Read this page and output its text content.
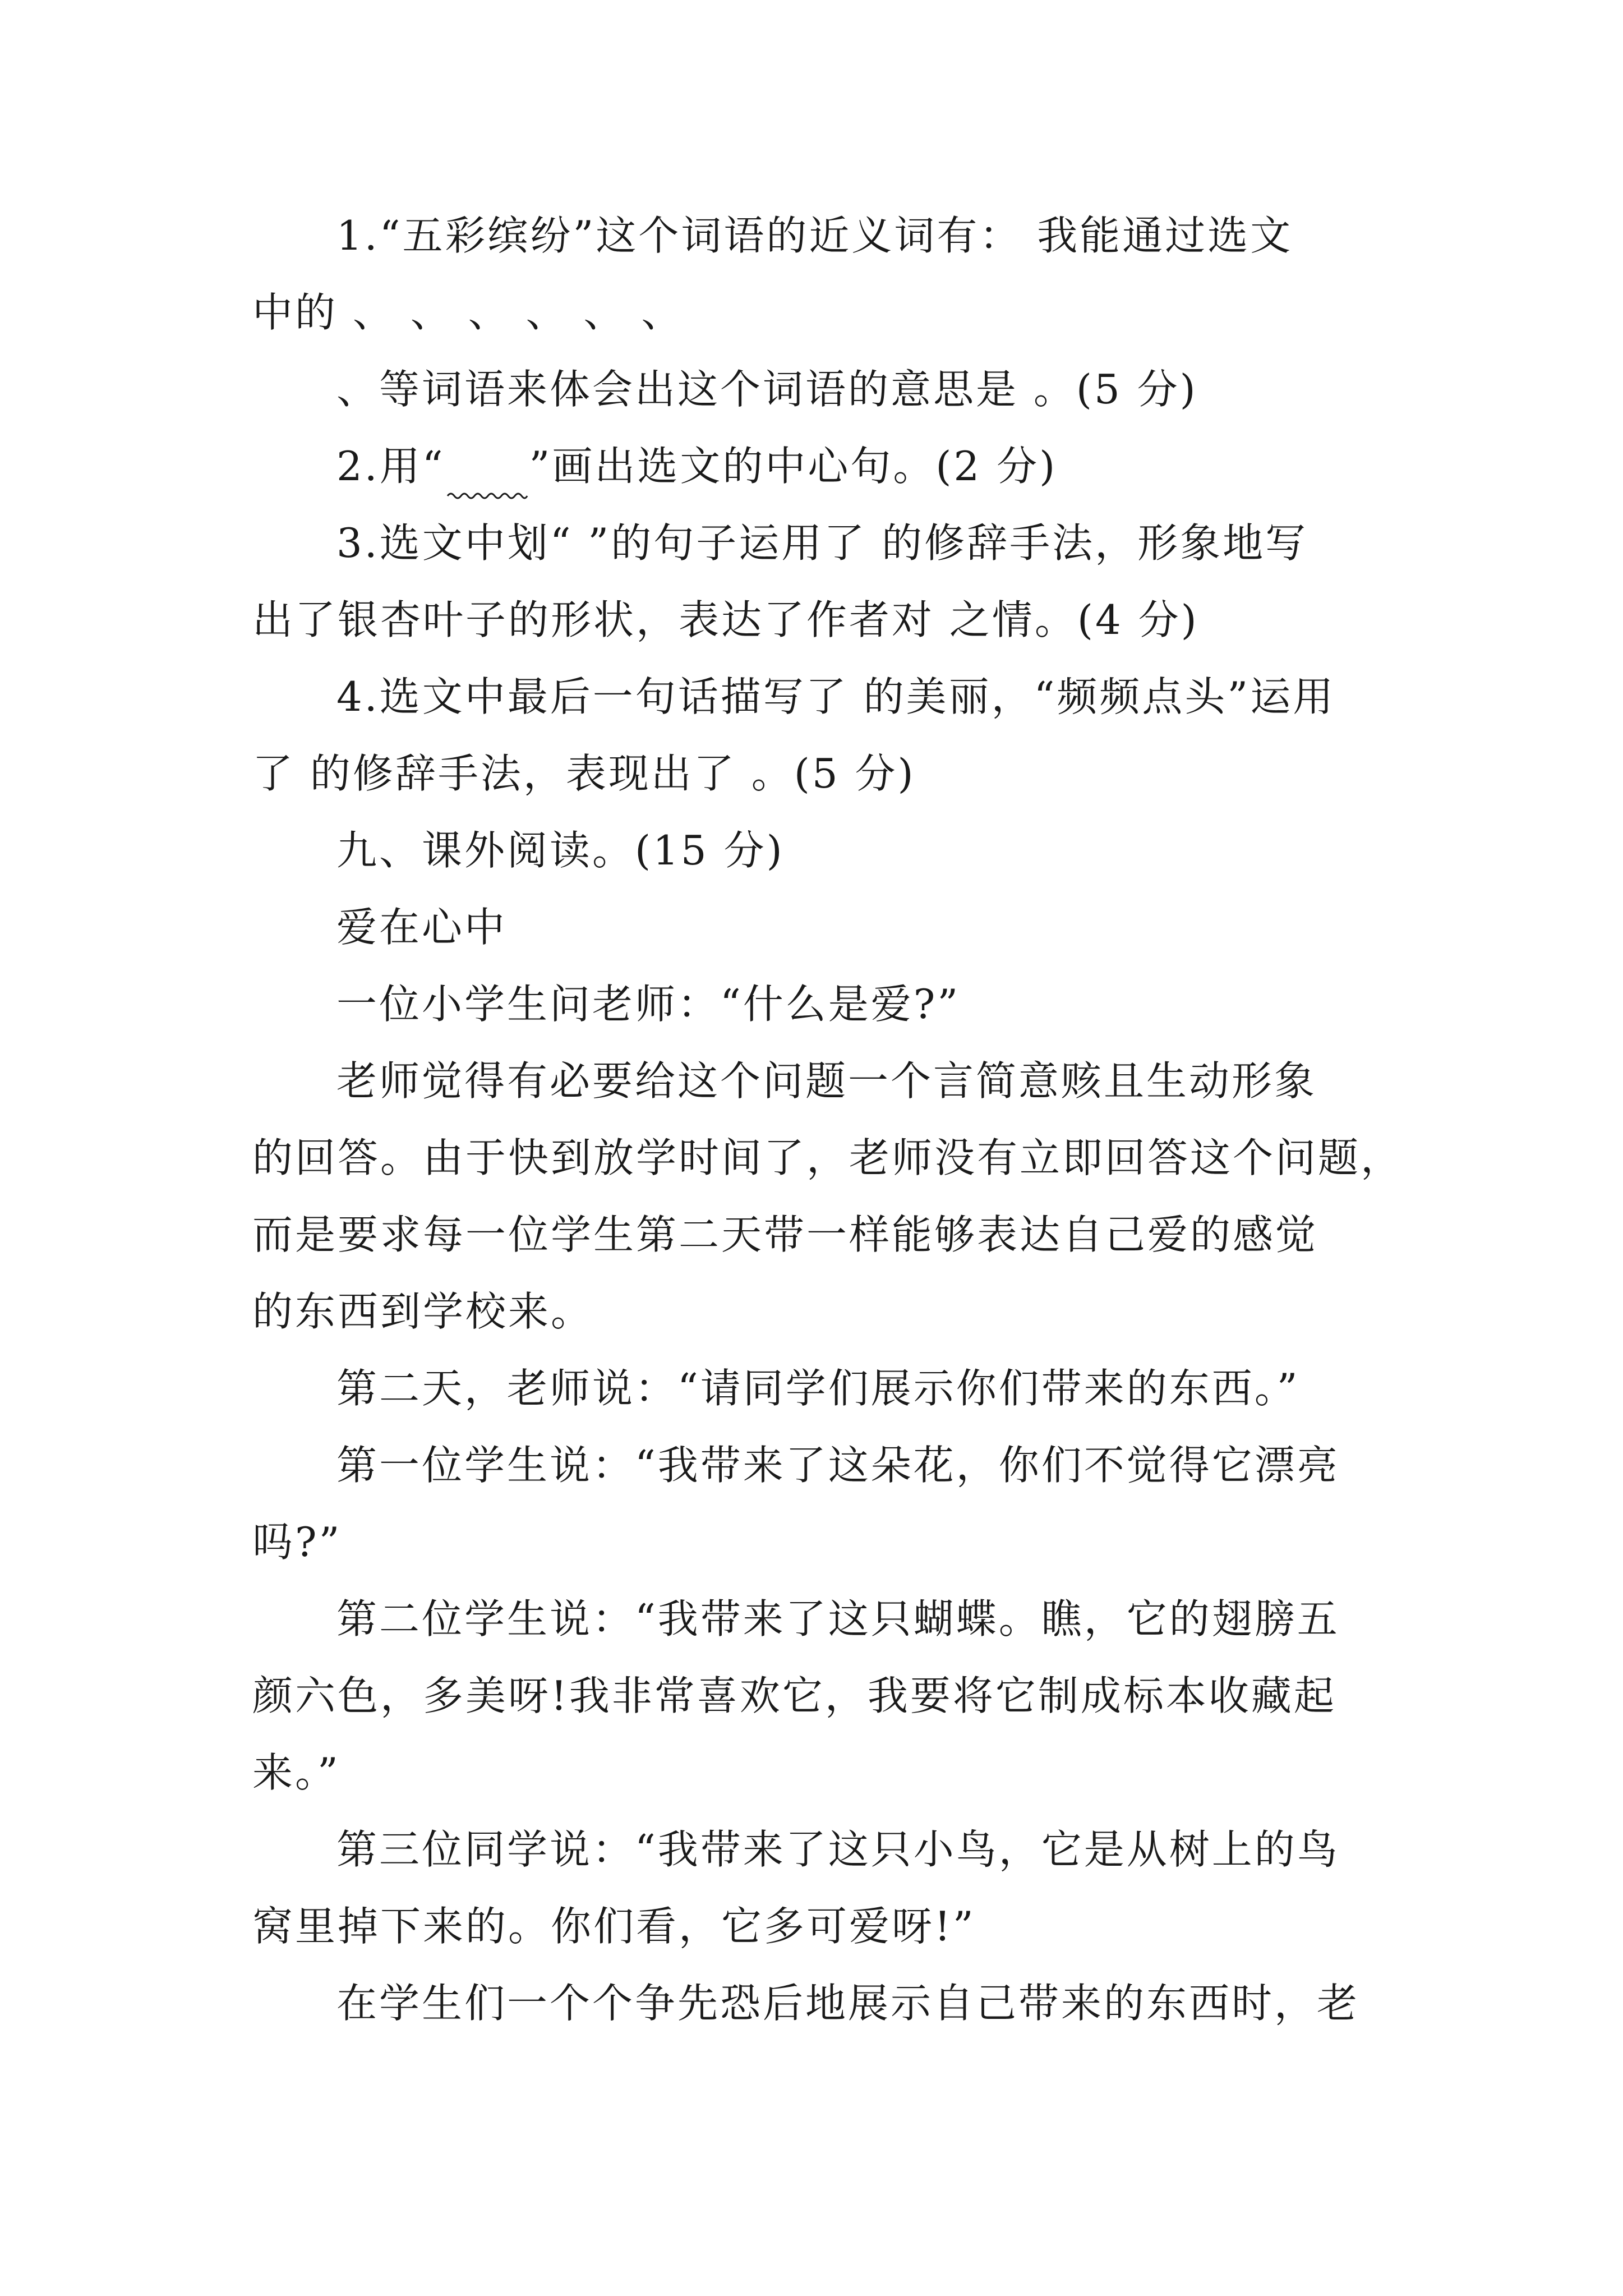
1.“五彩缤纷”这个词语的近义词有： 我能通过选文
中的 、 、 、 、 、 、
、等词语来体会出这个词语的意思是 。(5 分)
2.用“ ”画出选文的中心句。(2 分)
3.选文中划“ ”的句子运用了 的修辞手法，形象地写
出了银杏叶子的形状，表达了作者对 之情。(4 分)
4.选文中最后一句话描写了 的美丽，“频频点头”运用
了 的修辞手法，表现出了 。(5 分)
九、课外阅读。(15 分)
爱在心中
一位小学生问老师：“什么是爱?”
老师觉得有必要给这个问题一个言简意赅且生动形象
的回答。由于快到放学时间了，老师没有立即回答这个问题，
而是要求每一位学生第二天带一样能够表达自己爱的感觉
的东西到学校来。
第二天，老师说：“请同学们展示你们带来的东西。”
第一位学生说：“我带来了这朵花，你们不觉得它漂亮
吗?”
第二位学生说：“我带来了这只蝴蝶。瞧，它的翅膀五
颜六色，多美呀!我非常喜欢它，我要将它制成标本收藏起
来。”
第三位同学说：“我带来了这只小鸟，它是从树上的鸟
窝里掉下来的。你们看，它多可爱呀!”
在学生们一个个争先恐后地展示自己带来的东西时，老
